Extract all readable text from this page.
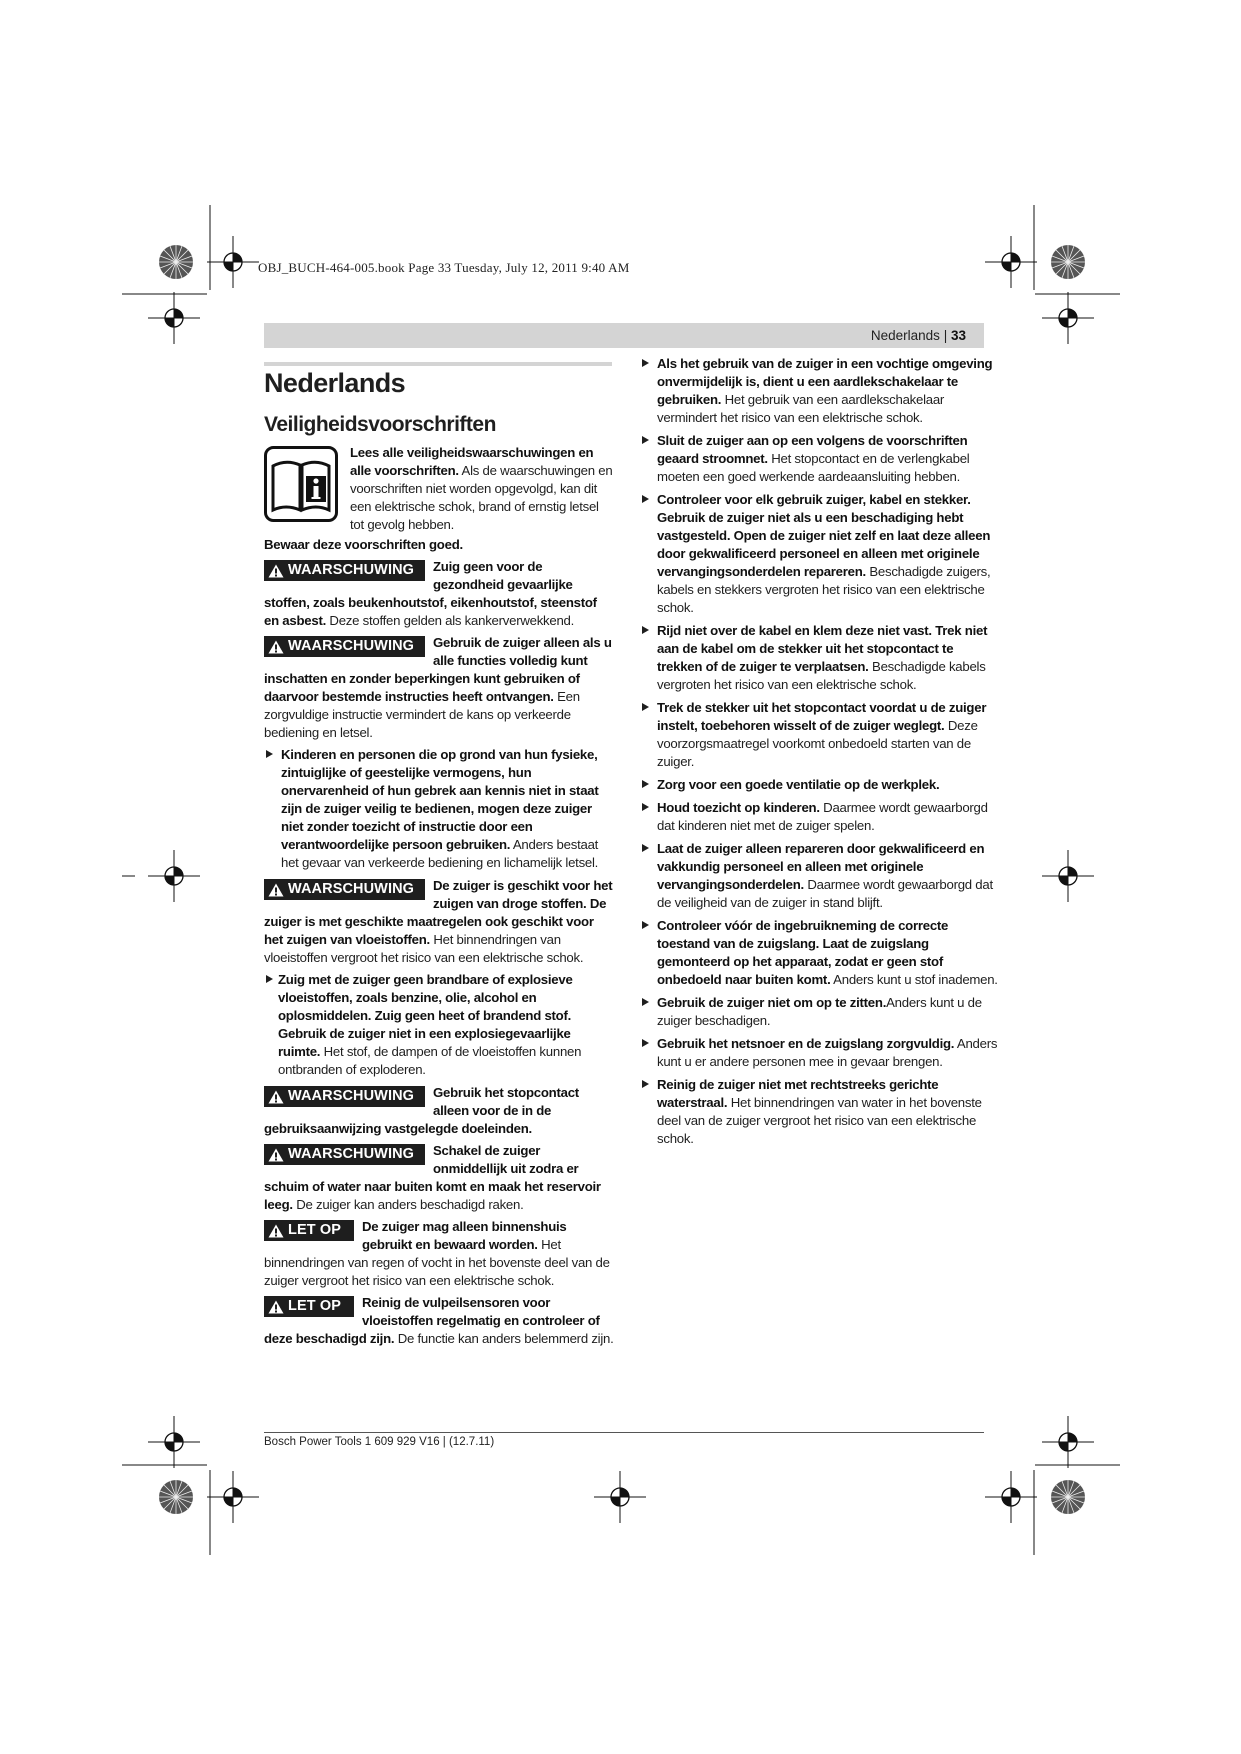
OBJ_BUCH-464-005.book Page 33 Tuesday, July 12, 2011 9:40 AM
Nederlands | 33
Nederlands
Veiligheidsvoorschriften

Lees alle veiligheidswaarschuwingen en alle voorschriften. Als de waarschuwingen en voorschriften niet worden opgevolgd, kan dit een elektrische schok, brand of ernstig letsel tot gevolg hebben.

Bewaar deze voorschriften goed.

WAARSCHUWING	Zuig geen voor de gezondheid gevaarlijke stoffen, zoals beukenhoutstof, eikenhoutstof, steenstof en asbest. Deze stoffen gelden als kankerverwekkend.

WAARSCHUWING	Gebruik de zuiger alleen als u alle functies volledig kunt inschatten en zonder beperkingen kunt gebruiken of daarvoor bestemde instructies heeft ontvangen. Een zorgvuldige instructie vermindert de kans op verkeerde bediening en letsel.

Kinderen en personen die op grond van hun fysieke, zintuiglijke of geestelijke vermogens, hun onervarenheid of hun gebrek aan kennis niet in staat zijn de zuiger veilig te bedienen, mogen deze zuiger niet zonder toezicht of instructie door een verantwoordelijke persoon gebruiken. Anders bestaat het gevaar van verkeerde bediening en lichamelijk letsel.

WAARSCHUWING	De zuiger is geschikt voor het zuigen van droge stoffen. De zuiger is met geschikte maatregelen ook geschikt voor het zuigen van vloeistoffen. Het binnendringen van vloeistoffen vergroot het risico van een elektrische schok.

Zuig met de zuiger geen brandbare of explosieve vloeistoffen, zoals benzine, olie, alcohol en oplosmiddelen. Zuig geen heet of brandend stof. Gebruik de zuiger niet in een explosiegevaarlijke ruimte. Het stof, de dampen of de vloeistoffen kunnen ontbranden of exploderen.

WAARSCHUWING	Gebruik het stopcontact alleen voor de in de gebruiksaanwijzing vastgelegde doeleinden.

WAARSCHUWING	Schakel de zuiger onmiddellijk uit zodra er schuim of water naar buiten komt en maak het reservoir leeg. De zuiger kan anders beschadigd raken.

LET OP	De zuiger mag alleen binnenshuis gebruikt en bewaard worden. Het binnendringen van regen of vocht in het bovenste deel van de zuiger vergroot het risico van een elektrische schok.

LET OP	Reinig de vulpeilsensoren voor vloeistoffen regelmatig en controleer of deze beschadigd zijn. De functie kan anders belemmerd zijn.

Als het gebruik van de zuiger in een vochtige omgeving onvermijdelijk is, dient u een aardlekschakelaar te gebruiken. Het gebruik van een aardlekschakelaar vermindert het risico van een elektrische schok.

Sluit de zuiger aan op een volgens de voorschriften geaard stroomnet. Het stopcontact en de verlengkabel moeten een goed werkende aardeaansluiting hebben.

Controleer voor elk gebruik zuiger, kabel en stekker. Gebruik de zuiger niet als u een beschadiging hebt vastgesteld. Open de zuiger niet zelf en laat deze alleen door gekwalificeerd personeel en alleen met originele vervangingsonderdelen repareren. Beschadigde zuigers, kabels en stekkers vergroten het risico van een elektrische schok.

Rijd niet over de kabel en klem deze niet vast. Trek niet aan de kabel om de stekker uit het stopcontact te trekken of de zuiger te verplaatsen. Beschadigde kabels vergroten het risico van een elektrische schok.

Trek de stekker uit het stopcontact voordat u de zuiger instelt, toebehoren wisselt of de zuiger weglegt. Deze voorzorgsmaatregel voorkomt onbedoeld starten van de zuiger.

Zorg voor een goede ventilatie op de werkplek.

Houd toezicht op kinderen. Daarmee wordt gewaarborgd dat kinderen niet met de zuiger spelen.

Laat de zuiger alleen repareren door gekwalificeerd en vakkundig personeel en alleen met originele vervangingsonderdelen. Daarmee wordt gewaarborgd dat de veiligheid van de zuiger in stand blijft.

Controleer vóór de ingebruikneming de correcte toestand van de zuigslang. Laat de zuigslang gemonteerd op het apparaat, zodat er geen stof onbedoeld naar buiten komt. Anders kunt u stof inademen.

Gebruik de zuiger niet om op te zitten.Anders kunt u de zuiger beschadigen.

Gebruik het netsnoer en de zuigslang zorgvuldig. Anders kunt u er andere personen mee in gevaar brengen.

Reinig de zuiger niet met rechtstreeks gerichte waterstraal. Het binnendringen van water in het bovenste deel van de zuiger vergroot het risico van een elektrische schok.

Bosch Power Tools 1 609 929 V16 | (12.7.11)
